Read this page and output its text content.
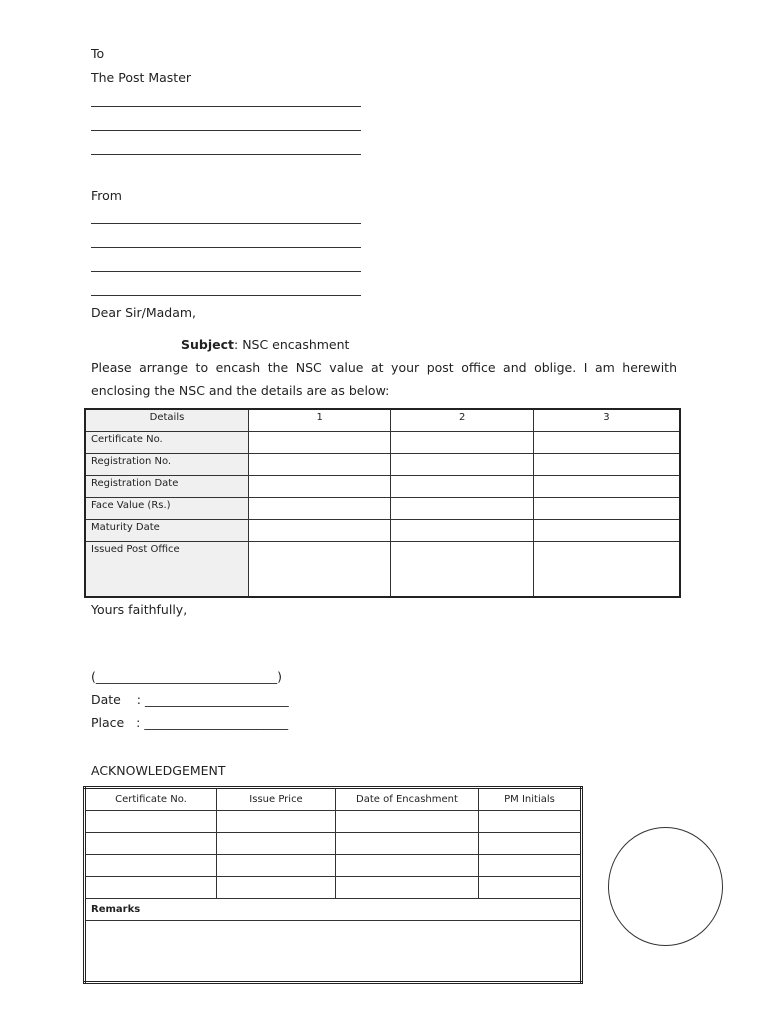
To
The Post Master
From
Dear Sir/Madam,
Subject: NSC encashment
Please arrange to encash the NSC value at your post office and oblige. I am herewith
enclosing the NSC and the details are as below:
Details	1	2	3
Certificate No.			
Registration No.			
Registration Date			
Face Value (Rs.)			
Maturity Date			
Issued Post Office			
Yours faithfully,
(_____________________________)
Date    : _______________________
Place   : _______________________
ACKNOWLEDGEMENT
Certificate No.	Issue Price	Date of Encashment	PM Initials

Remarks			
